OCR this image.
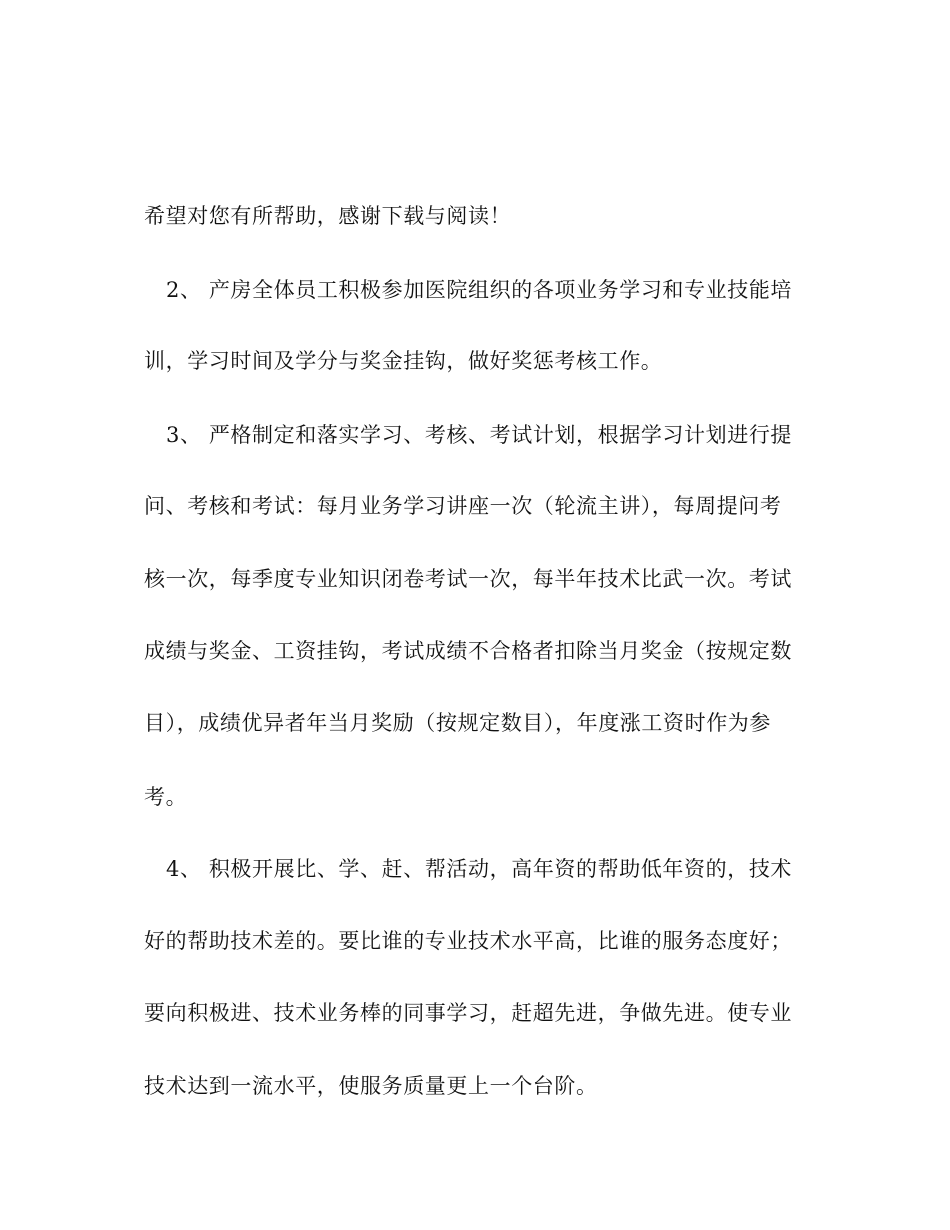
希望对您有所帮助，感谢下载与阅读！
2、 产房全体员工积极参加医院组织的各项业务学习和专业技能培
训，学习时间及学分与奖金挂钩，做好奖惩考核工作。
3、 严格制定和落实学习、考核、考试计划，根据学习计划进行提
问、考核和考试：每月业务学习讲座一次（轮流主讲），每周提问考
核一次，每季度专业知识闭卷考试一次，每半年技术比武一次。考试
成绩与奖金、工资挂钩，考试成绩不合格者扣除当月奖金（按规定数
目），成绩优异者年当月奖励（按规定数目），年度涨工资时作为参
考。
4、 积极开展比、学、赶、帮活动，高年资的帮助低年资的，技术
好的帮助技术差的。要比谁的专业技术水平高，比谁的服务态度好；
要向积极进、技术业务棒的同事学习，赶超先进，争做先进。使专业
技术达到一流水平，使服务质量更上一个台阶。
